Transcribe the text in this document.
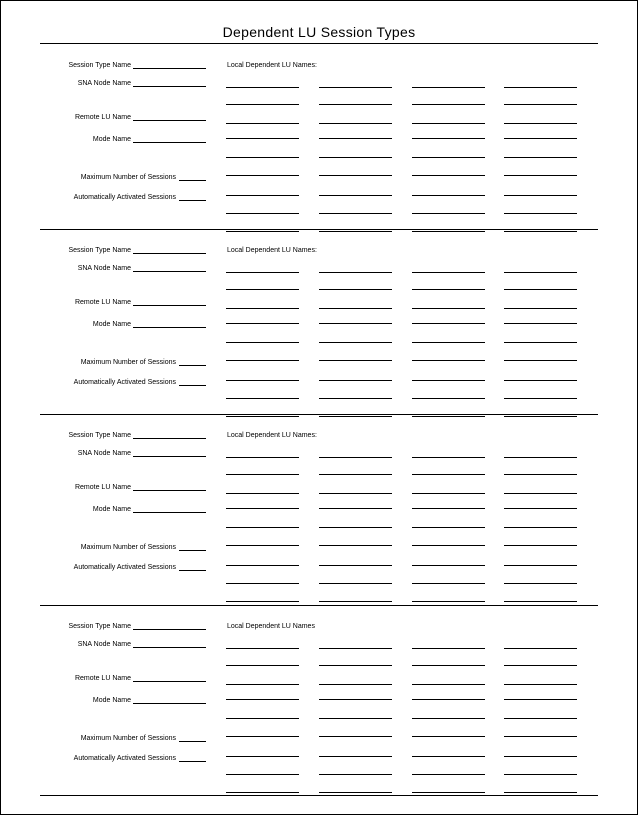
Dependent LU Session Types
Session Type Name
SNA Node Name
Remote LU Name
Mode Name
Maximum Number of Sessions
Automatically Activated Sessions
Local Dependent LU Names:
Session Type Name
SNA Node Name
Remote LU Name
Mode Name
Maximum Number of Sessions
Automatically Activated Sessions
Local Dependent LU Names:
Session Type Name
SNA Node Name
Remote LU Name
Mode Name
Maximum Number of Sessions
Automatically Activated Sessions
Local Dependent LU Names:
Session Type Name
SNA Node Name
Remote LU Name
Mode Name
Maximum Number of Sessions
Automatically Activated Sessions
Local Dependent LU Names
